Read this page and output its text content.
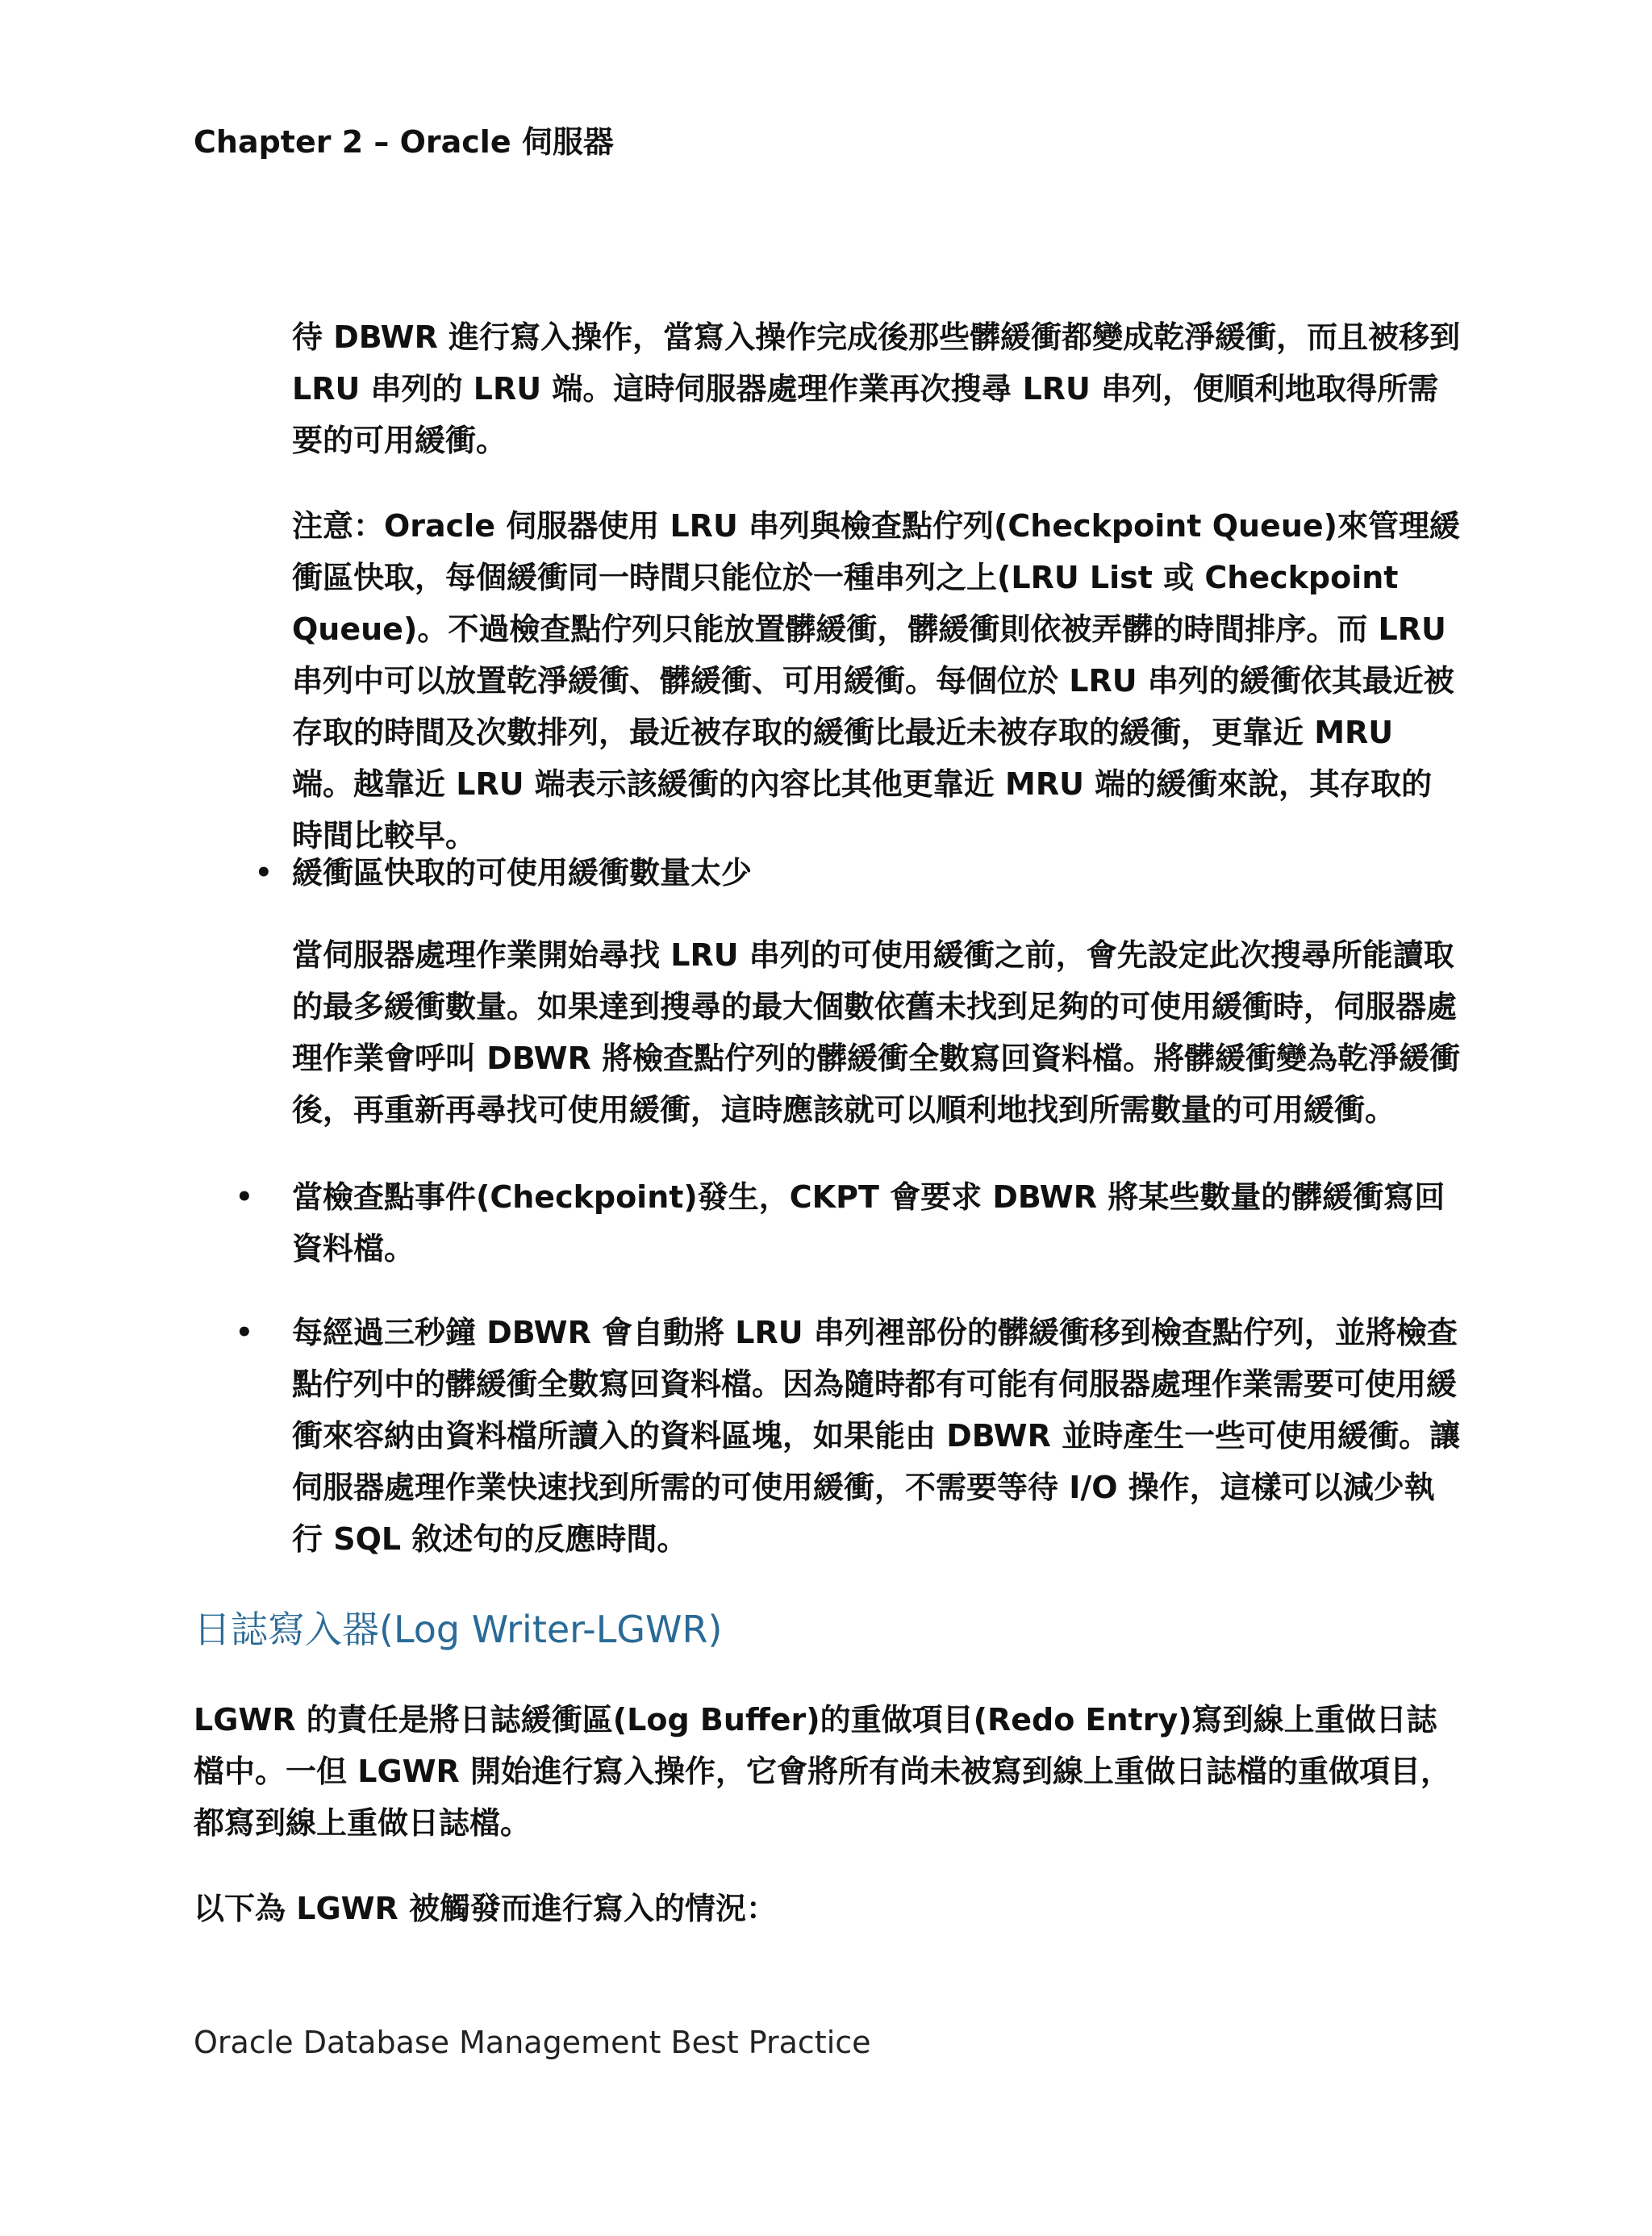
Chapter 2 – Oracle 伺服器

待 DBWR 進行寫入操作，當寫入操作完成後那些髒緩衝都變成乾淨緩衝，而且被移到 LRU 串列的 LRU 端。這時伺服器處理作業再次搜尋 LRU 串列，便順利地取得所需要的可用緩衝。

注意：Oracle 伺服器使用 LRU 串列與檢查點佇列(Checkpoint Queue)來管理緩衝區快取，每個緩衝同一時間只能位於一種串列之上(LRU List 或 Checkpoint Queue)。不過檢查點佇列只能放置髒緩衝，髒緩衝則依被弄髒的時間排序。而 LRU 串列中可以放置乾淨緩衝、髒緩衝、可用緩衝。每個位於 LRU 串列的緩衝依其最近被存取的時間及次數排列，最近被存取的緩衝比最近未被存取的緩衝，更靠近 MRU 端。越靠近 LRU 端表示該緩衝的內容比其他更靠近 MRU 端的緩衝來說，其存取的時間比較早。

• 緩衝區快取的可使用緩衝數量太少

當伺服器處理作業開始尋找 LRU 串列的可使用緩衝之前，會先設定此次搜尋所能讀取的最多緩衝數量。如果達到搜尋的最大個數依舊未找到足夠的可使用緩衝時，伺服器處理作業會呼叫 DBWR 將檢查點佇列的髒緩衝全數寫回資料檔。將髒緩衝變為乾淨緩衝後，再重新再尋找可使用緩衝，這時應該就可以順利地找到所需數量的可用緩衝。

• 當檢查點事件(Checkpoint)發生，CKPT 會要求 DBWR 將某些數量的髒緩衝寫回資料檔。

• 每經過三秒鐘 DBWR 會自動將 LRU 串列裡部份的髒緩衝移到檢查點佇列，並將檢查點佇列中的髒緩衝全數寫回資料檔。因為隨時都有可能有伺服器處理作業需要可使用緩衝來容納由資料檔所讀入的資料區塊，如果能由 DBWR 並時產生一些可使用緩衝。讓伺服器處理作業快速找到所需的可使用緩衝，不需要等待 I/O 操作，這樣可以減少執行 SQL 敘述句的反應時間。

日誌寫入器(Log Writer-LGWR)

LGWR 的責任是將日誌緩衝區(Log Buffer)的重做項目(Redo Entry)寫到線上重做日誌檔中。一但 LGWR 開始進行寫入操作，它會將所有尚未被寫到線上重做日誌檔的重做項目，都寫到線上重做日誌檔。

以下為 LGWR 被觸發而進行寫入的情況：

Oracle Database Management Best Practice
